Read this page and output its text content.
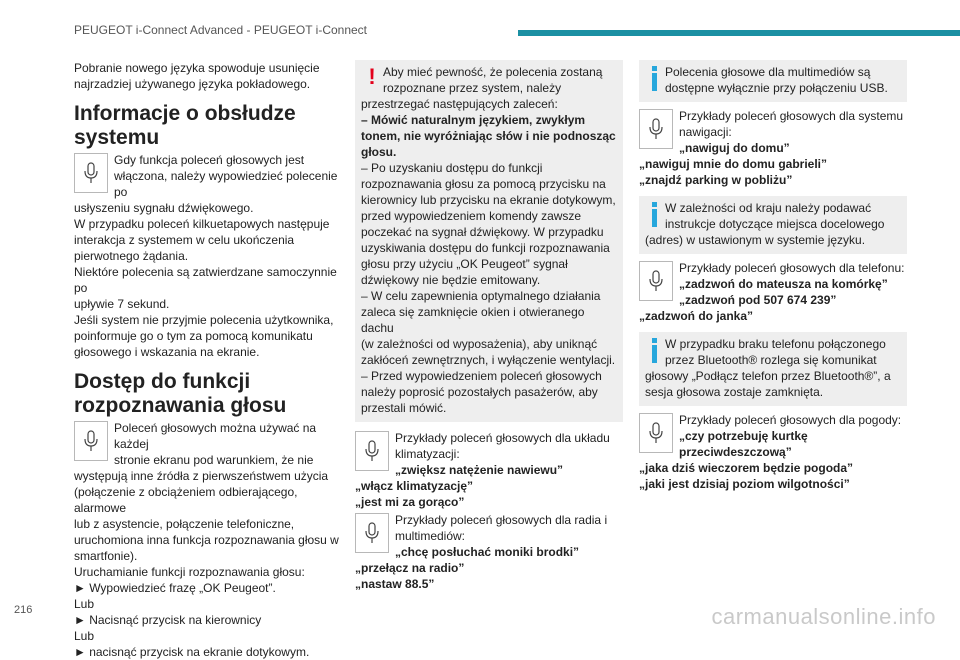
PEUGEOT i-Connect Advanced - PEUGEOT i-Connect

Pobranie nowego języka spowoduje usunięcie najrzadziej używanego języka pokładowego.

Informacje o obsłudze
systemu
Gdy funkcja poleceń głosowych jest
włączona, należy wypowiedzieć polecenie po
usłyszeniu sygnału dźwiękowego.
W przypadku poleceń kilkuetapowych następuje
interakcja z systemem w celu ukończenia
pierwotnego żądania.
Niektóre polecenia są zatwierdzane samoczynnie po
upływie 7 sekund.
Jeśli system nie przyjmie polecenia użytkownika,
poinformuje go o tym za pomocą komunikatu
głosowego i wskazania na ekranie.
Dostęp do funkcji
rozpoznawania głosu
Poleceń głosowych można używać na każdej
stronie ekranu pod warunkiem, że nie
występują inne źródła z pierwszeństwem użycia
(połączenie z obciążeniem odbierającego, alarmowe
lub z asystencie, połączenie telefoniczne,
uruchomiona inna funkcja rozpoznawania głosu w
smartfonie).
Uruchamianie funkcji rozpoznawania głosu:
► Wypowiedzieć frazę „OK Peugeot”.
Lub
► Nacisnąć przycisk na kierownicy
Lub
► nacisnąć przycisk na ekranie dotykowym.
! Aby mieć pewność, że polecenia zostaną
rozpoznane przez system, należy
przestrzegać następujących zaleceń:
– Mówić naturalnym językiem, zwykłym
tonem, nie wyróżniając słów i nie podnosząc
głosu.
– Po uzyskaniu dostępu do funkcji
rozpoznawania głosu za pomocą przycisku na
kierownicy lub przycisku na ekranie dotykowym,
przed wypowiedzeniem komendy zawsze
poczekać na sygnał dźwiękowy. W przypadku
uzyskiwania dostępu do funkcji rozpoznawania
głosu przy użyciu „OK Peugeot” sygnał
dźwiękowy nie będzie emitowany.
– W celu zapewnienia optymalnego działania
zaleca się zamknięcie okien i otwieranego dachu
(w zależności od wyposażenia), aby uniknąć
zakłóceń zewnętrznych, i wyłączenie wentylacji.
– Przed wypowiedzeniem poleceń głosowych
należy poprosić pozostałych pasażerów, aby
przestali mówić.
Przykłady poleceń głosowych dla układu
klimatyzacji:
„zwiększ natężenie nawiewu”
„włącz klimatyzację”
„jest mi za gorąco”
Przykłady poleceń głosowych dla radia i
multimediów:
„chcę posłuchać moniki brodki”
„przełącz na radio”
„nastaw 88.5”
Polecenia głosowe dla multimediów są
dostępne wyłącznie przy połączeniu USB.
Przykłady poleceń głosowych dla systemu
nawigacji:
„nawiguj do domu”
„nawiguj mnie do domu gabrieli”
„znajdź parking w pobliżu”
W zależności od kraju należy podawać
instrukcje dotyczące miejsca docelowego
(adres) w ustawionym w systemie języku.
Przykłady poleceń głosowych dla telefonu:
„zadzwoń do mateusza na komórkę”
„zadzwoń pod 507 674 239”
„zadzwoń do janka”
W przypadku braku telefonu połączonego
przez Bluetooth® rozlega się komunikat
głosowy „Podłącz telefon przez Bluetooth®”, a
sesja głosowa zostaje zamknięta.
Przykłady poleceń głosowych dla pogody:
„czy potrzebuję kurtkę
przeciwdeszczową”
„jaka dziś wieczorem będzie pogoda”
„jaki jest dzisiaj poziom wilgotności”
216	carmanualsonline.info
